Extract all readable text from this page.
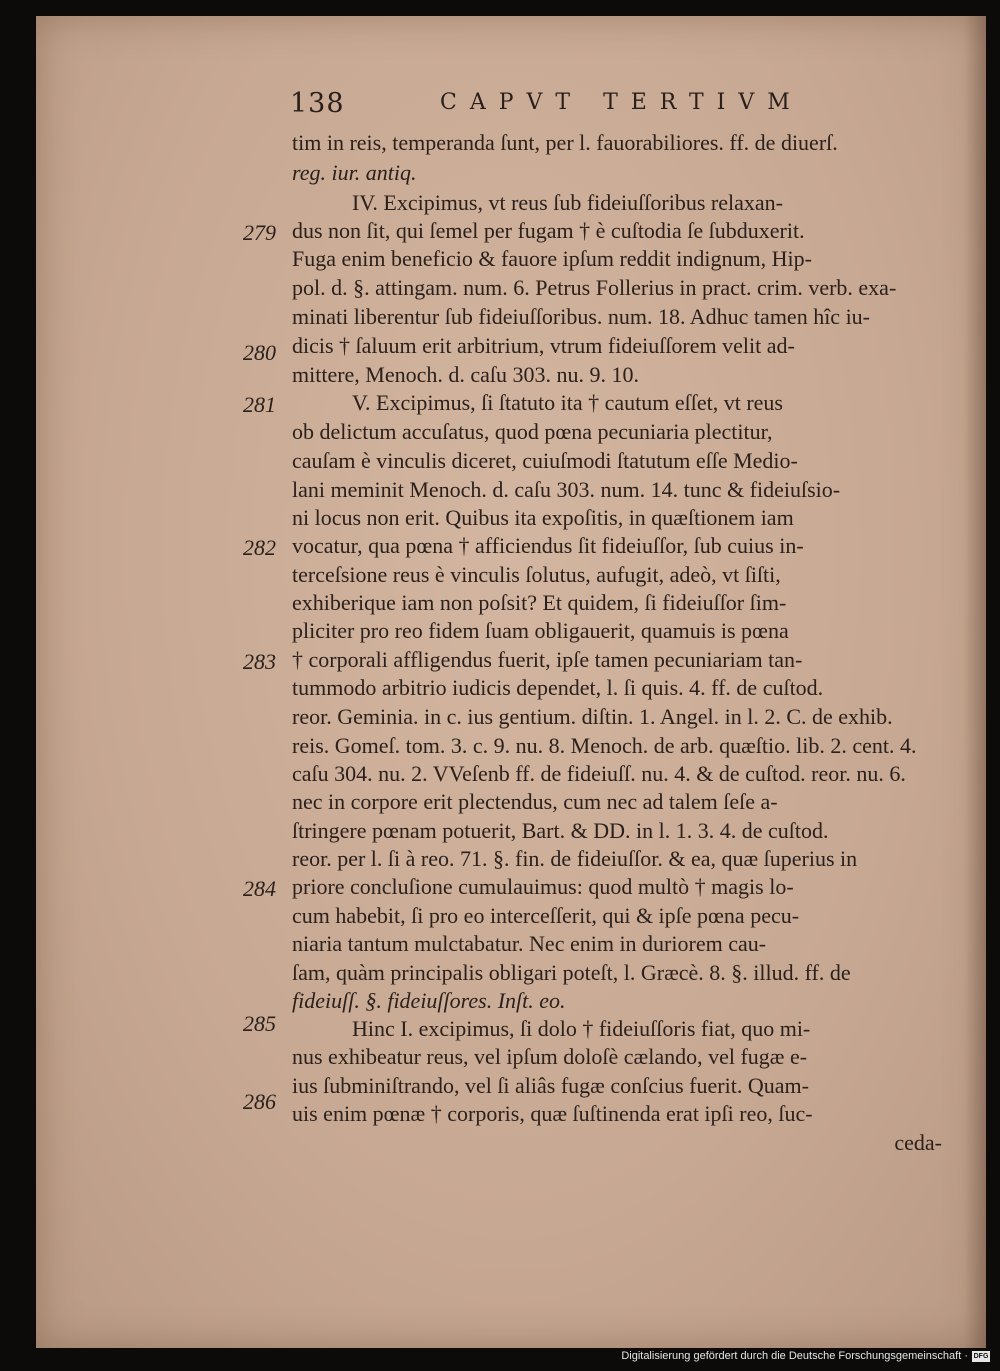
138	CAPVT TERTIVM
tim in reis, temperanda ſunt, per l. fauorabiliores. ff. de diuerſ.
reg. iur. antiq.
IV. Excipimus, vt reus ſub fideiuſſoribus relaxan-
dus non ſit, qui ſemel per fugam † è cuſtodia ſe ſubduxerit.
Fuga enim beneficio & fauore ipſum reddit indignum, Hip-
pol. d. §. attingam. num. 6. Petrus Follerius in pract. crim. verb. exa-
minati liberentur ſub fideiuſſoribus. num. 18. Adhuc tamen hîc iu-
dicis † ſaluum erit arbitrium, vtrum fideiuſſorem velit ad-
mittere, Menoch. d. caſu 303. nu. 9. 10.
V. Excipimus, ſi ſtatuto ita † cautum eſſet, vt reus
ob delictum accuſatus, quod pœna pecuniaria plectitur,
cauſam è vinculis diceret, cuiuſmodi ſtatutum eſſe Medio-
lani meminit Menoch. d. caſu 303. num. 14. tunc & fideiuſsio-
ni locus non erit. Quibus ita expoſitis, in quæſtionem iam
vocatur, qua pœna † afficiendus ſit fideiuſſor, ſub cuius in-
terceſsione reus è vinculis ſolutus, aufugit, adeò, vt ſiſti,
exhiberique iam non poſsit? Et quidem, ſi fideiuſſor ſim-
pliciter pro reo fidem ſuam obligauerit, quamuis is pœna
† corporali affligendus fuerit, ipſe tamen pecuniariam tan-
tummodo arbitrio iudicis dependet, l. ſi quis. 4. ff. de cuſtod.
reor. Geminia. in c. ius gentium. diſtin. 1. Angel. in l. 2. C. de exhib.
reis. Gomeſ. tom. 3. c. 9. nu. 8. Menoch. de arb. quæſtio. lib. 2. cent. 4.
caſu 304. nu. 2. VVeſenb ff. de fideiuſſ. nu. 4. & de cuſtod. reor. nu. 6.
nec in corpore erit plectendus, cum nec ad talem ſeſe a-
ſtringere pœnam potuerit, Bart. & DD. in l. 1. 3. 4. de cuſtod.
reor. per l. ſi à reo. 71. §. fin. de fideiuſſor. & ea, quæ ſuperius in
priore concluſione cumulauimus: quod multò † magis lo-
cum habebit, ſi pro eo interceſſerit, qui & ipſe pœna pecu-
niaria tantum mulctabatur. Nec enim in duriorem cau-
ſam, quàm principalis obligari poteſt, l. Græcè. 8. §. illud. ff. de
fideiuſſ. §. fideiuſſores. Inſt. eo.
Hinc I. excipimus, ſi dolo † fideiuſſoris fiat, quo mi-
nus exhibeatur reus, vel ipſum doloſè cælando, vel fugæ e-
ius ſubminiſtrando, vel ſi aliâs fugæ conſcius fuerit. Quam-
uis enim pœnæ † corporis, quæ ſuſtinenda erat ipſi reo, ſuc-
ceda-
279
280
281
282
283
284
285
286
Digitalisierung gefördert durch die Deutsche Forschungsgemeinschaft · DFG
